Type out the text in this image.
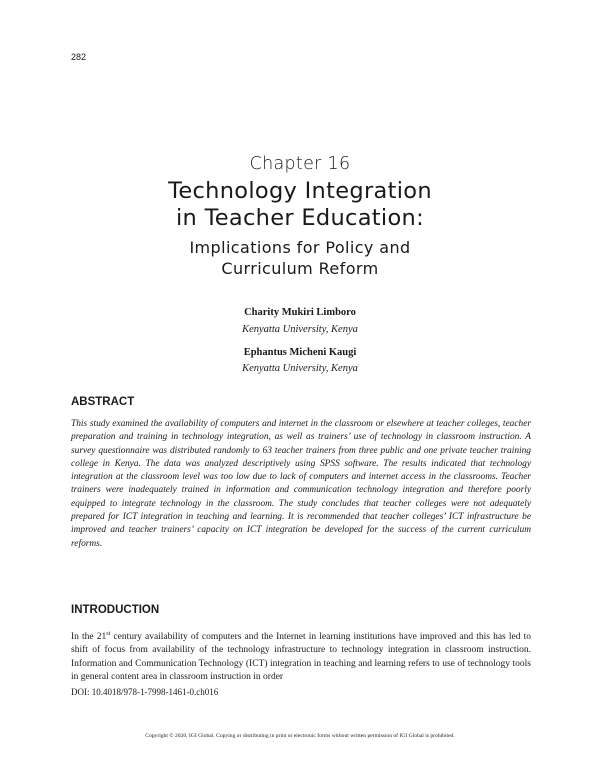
282
Chapter 16
Technology Integration
in Teacher Education:
Implications for Policy and
Curriculum Reform
Charity Mukiri Limboro
Kenyatta University, Kenya
Ephantus Micheni Kaugi
Kenyatta University, Kenya
ABSTRACT
This study examined the availability of computers and internet in the classroom or elsewhere at teacher colleges, teacher preparation and training in technology integration, as well as trainers’ use of technology in classroom instruction. A survey questionnaire was distributed randomly to 63 teacher trainers from three public and one private teacher training college in Kenya. The data was analyzed descriptively using SPSS software. The results indicated that technology integration at the classroom level was too low due to lack of computers and internet access in the classrooms. Teacher trainers were inadequately trained in information and communication technology integration and therefore poorly equipped to integrate technology in the classroom. The study concludes that teacher colleges were not adequately prepared for ICT integration in teaching and learning. It is recommended that teacher colleges’ ICT infrastructure be improved and teacher trainers’ capacity on ICT integration be developed for the success of the current curriculum reforms.
INTRODUCTION
In the 21st century availability of computers and the Internet in learning institutions have improved and this has led to shift of focus from availability of the technology infrastructure to technology integration in classroom instruction. Information and Communication Technology (ICT) integration in teaching and learning refers to use of technology tools in general content area in classroom instruction in order
DOI: 10.4018/978-1-7998-1461-0.ch016
Copyright © 2020, IGI Global. Copying or distributing in print or electronic forms without written permission of IGI Global is prohibited.
